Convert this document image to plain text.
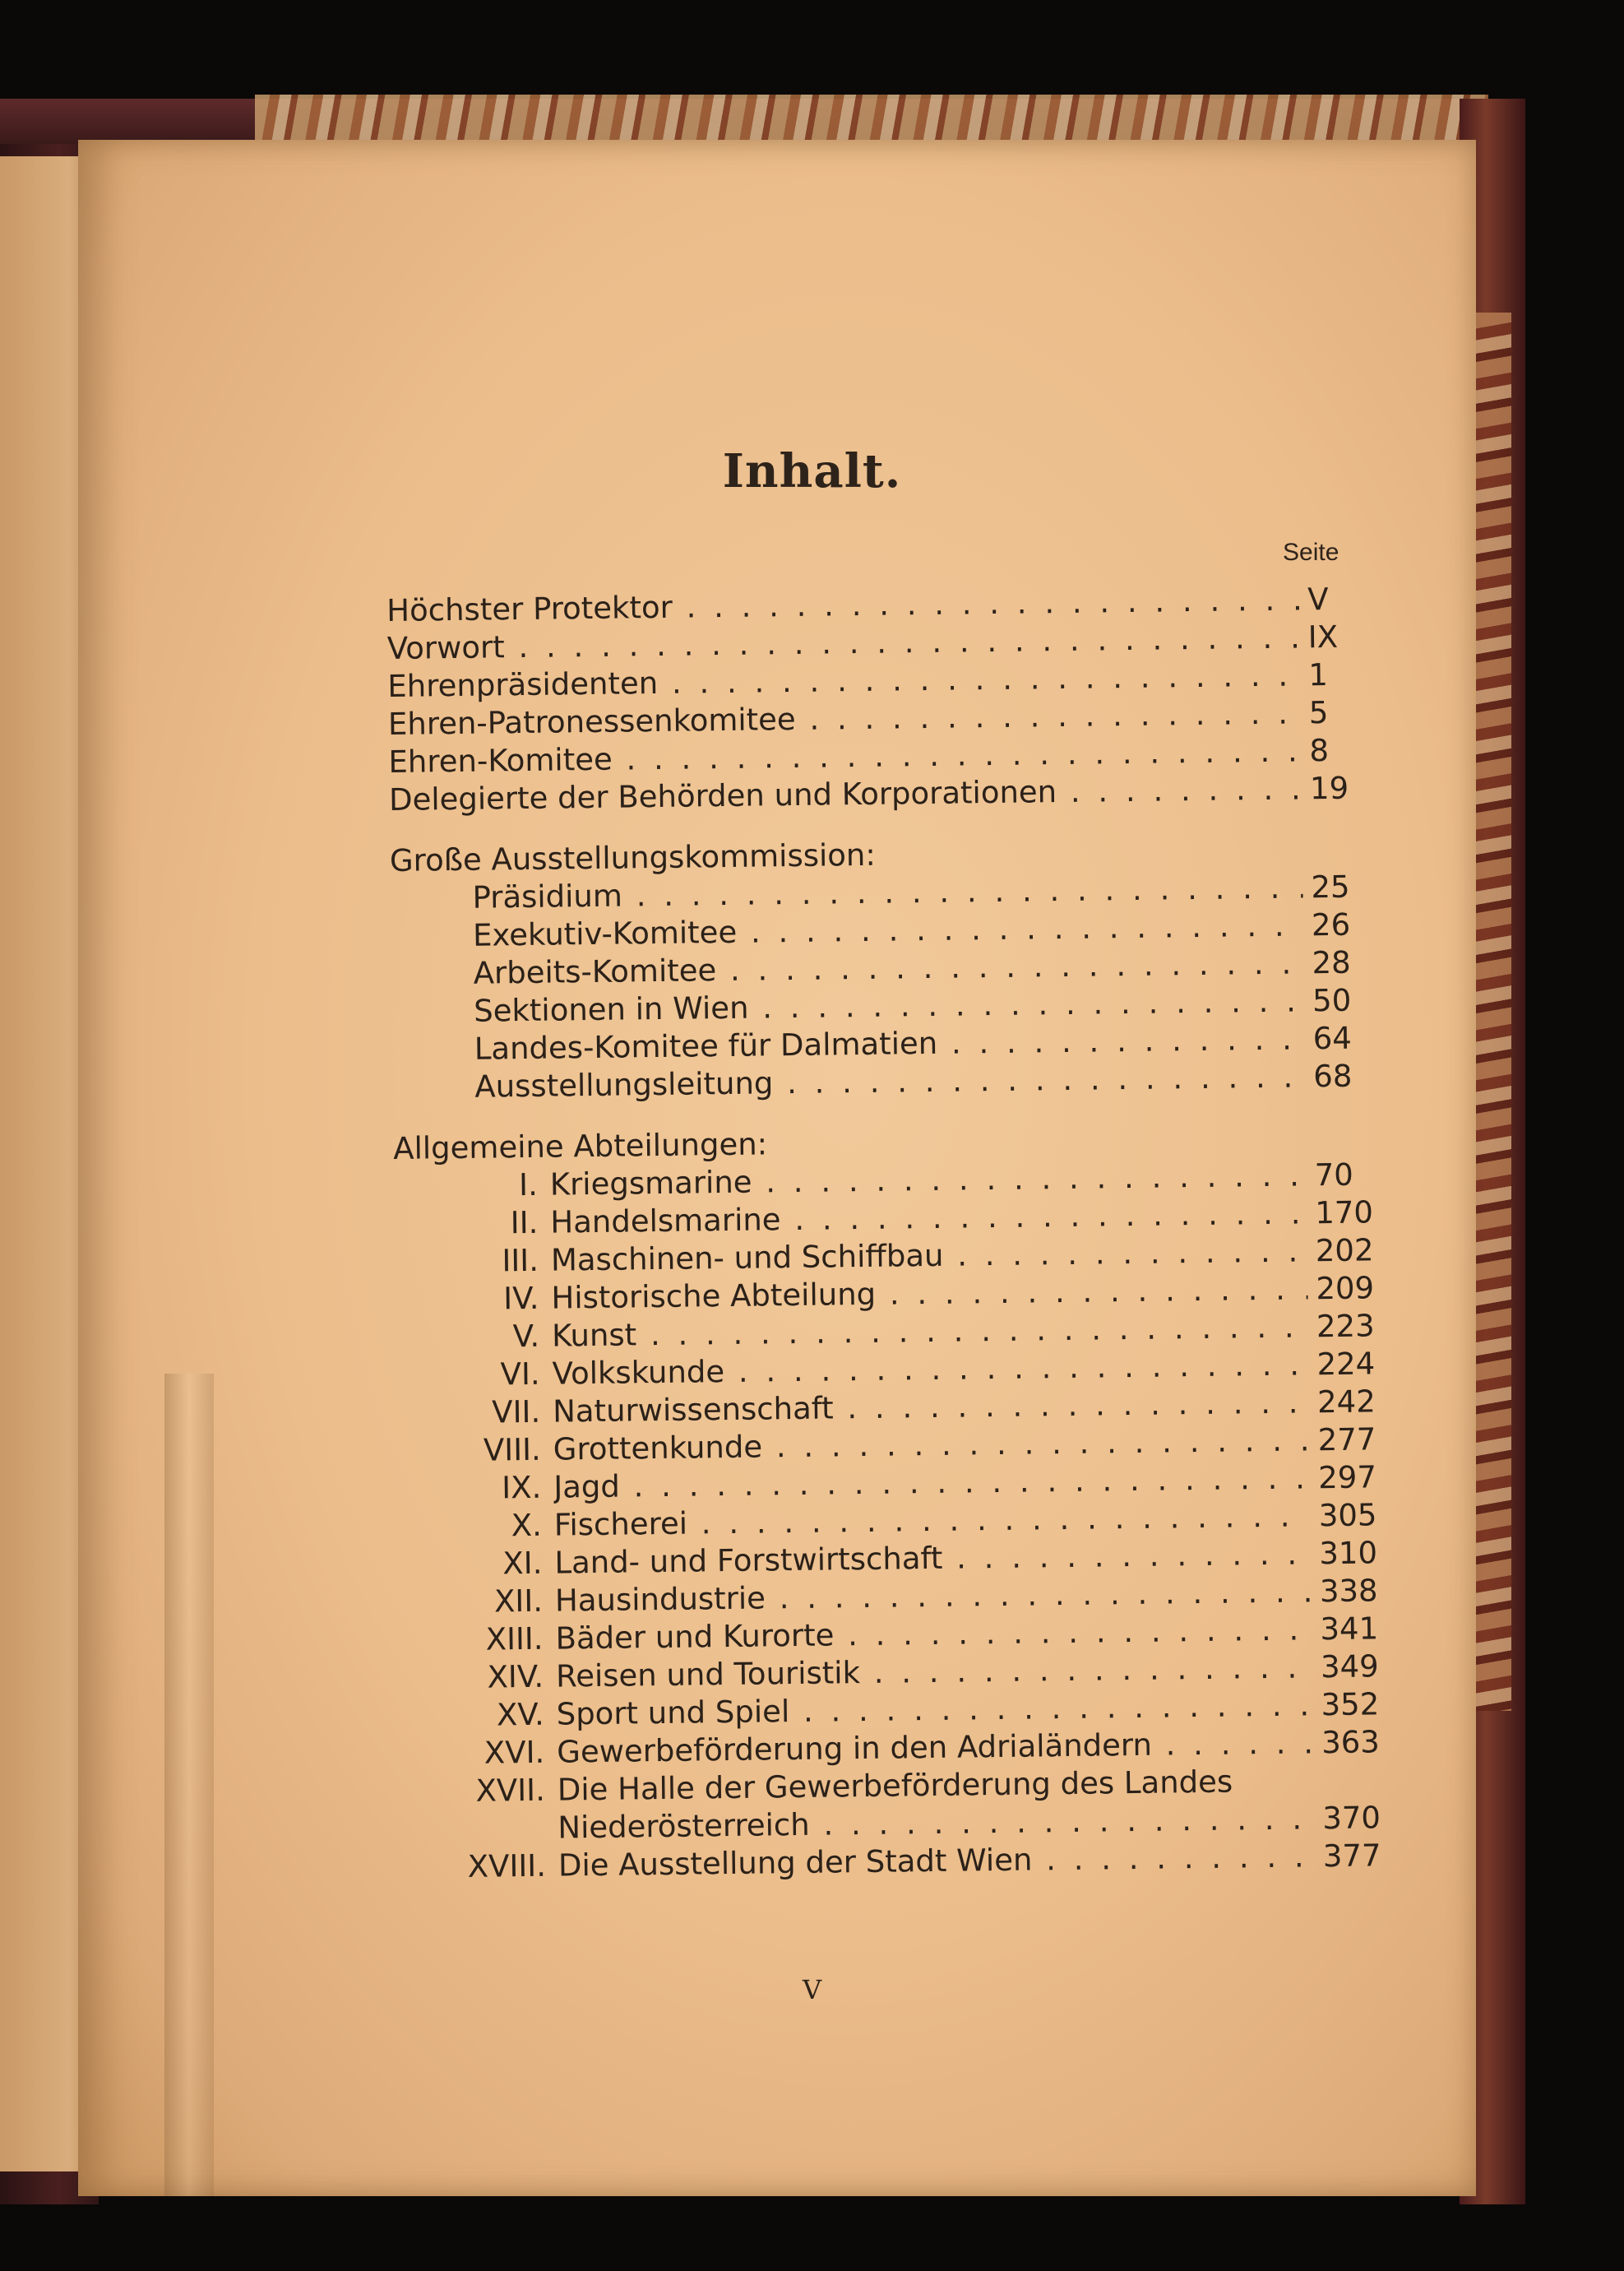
Inhalt.
Seite
Höchster Protektor . . .	V
Vorwort . . .	IX
Ehrenpräsidenten . . .	1
Ehren-Patronessenkomitee . . .	5
Ehren-Komitee . . .	8
Delegierte der Behörden und Korporationen . . .	19
Große Ausstellungskommission:
Präsidium . . .	25
Exekutiv-Komitee . . .	26
Arbeits-Komitee . . .	28
Sektionen in Wien . . .	50
Landes-Komitee für Dalmatien . . .	64
Ausstellungsleitung . . .	68
Allgemeine Abteilungen:
I. Kriegsmarine . . .	70
II. Handelsmarine . . .	170
III. Maschinen- und Schiffbau . . .	202
IV. Historische Abteilung . . .	209
V. Kunst . . .	223
VI. Volkskunde . . .	224
VII. Naturwissenschaft . . .	242
VIII. Grottenkunde . . .	277
IX. Jagd . . .	297
X. Fischerei . . .	305
XI. Land- und Forstwirtschaft . . .	310
XII. Hausindustrie . . .	338
XIII. Bäder und Kurorte . . .	341
XIV. Reisen und Touristik . . .	349
XV. Sport und Spiel . . .	352
XVI. Gewerbeförderung in den Adrialändern . . .	363
XVII. Die Halle der Gewerbeförderung des Landes
Niederösterreich . . .	370
XVIII. Die Ausstellung der Stadt Wien . . .	377
V
